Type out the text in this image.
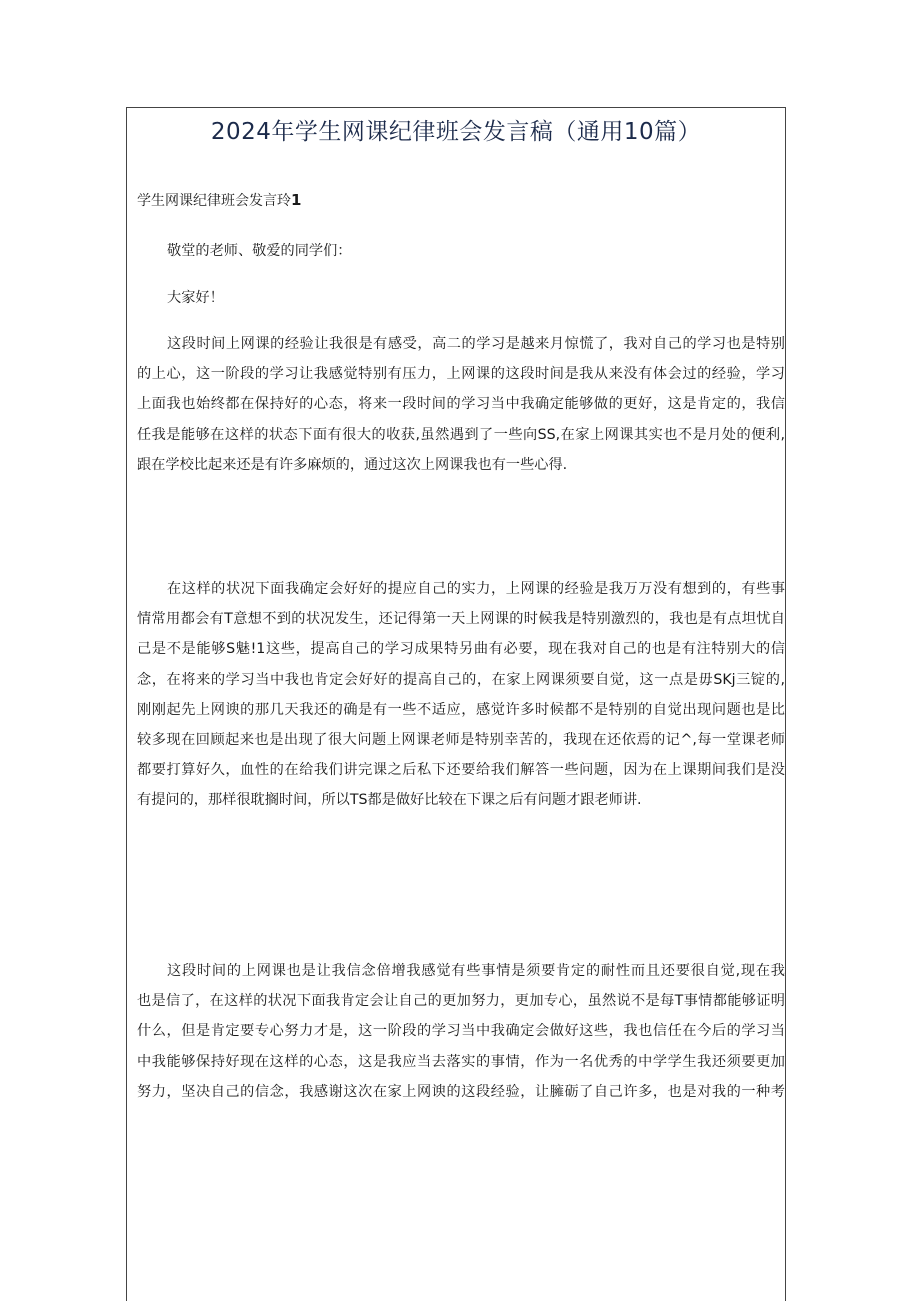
2024年学生网课纪律班会发言稿（通用10篇）

学生网课纪律班会发言玲1

敬堂的老师、敬爱的同学们：

大家好！

这段时间上网课的经验让我很是有感受，高二的学习是越来月惊慌了，我对自己的学习也是特别
的上心，这一阶段的学习让我感觉特别有压力，上网课的这段时间是我从来没有体会过的经验，学习
上面我也始终都在保持好的心态，将来一段时间的学习当中我确定能够做的更好，这是肯定的，我信
任我是能够在这样的状态下面有很大的收获,虽然遇到了一些向SS,在家上网课其实也不是月处的便利,
跟在学校比起来还是有许多麻烦的，通过这次上网课我也有一些心得.
在这样的状况下面我确定会好好的提应自己的实力，上网课的经验是我万万没有想到的，有些事
情常用都会有T意想不到的状况发生，还记得第一天上网课的时候我是特别激烈的，我也是有点坦忧自
己是不是能够S魅!1这些，提高自己的学习成果特另曲有必要，现在我对自己的也是有注特别大的信
念，在将来的学习当中我也肯定会好好的提高自己的，在家上网课须要自觉，这一点是毋SKj三锭的,
刚刚起先上网谀的那几天我还的确是有一些不适应，感觉许多时候都不是特别的自觉出现问题也是比
较多现在回顾起来也是出现了很大问题上网课老师是特别幸苦的，我现在还依焉的记^,每一堂课老师
都要打算好久，血性的在给我们讲完课之后私下还要给我们解答一些问题，因为在上课期间我们是没
有提问的，那样很耽搁时间，所以TS都是做好比较在下课之后有问题才跟老师讲.
这段时间的上网课也是让我信念倍增我感觉有些事情是须要肯定的耐性而且还要很自觉,现在我
也是信了，在这样的状况下面我肯定会让自己的更加努力，更加专心，虽然说不是每T事情都能够证明
什么，但是肯定要专心努力才是，这一阶段的学习当中我确定会做好这些，我也信任在今后的学习当
中我能够保持好现在这样的心态，这是我应当去落实的事情，作为一名优秀的中学学生我还须要更加
努力，坚决自己的信念，我感谢这次在家上网谀的这段经验，让臃砺了自己许多，也是对我的一种考
